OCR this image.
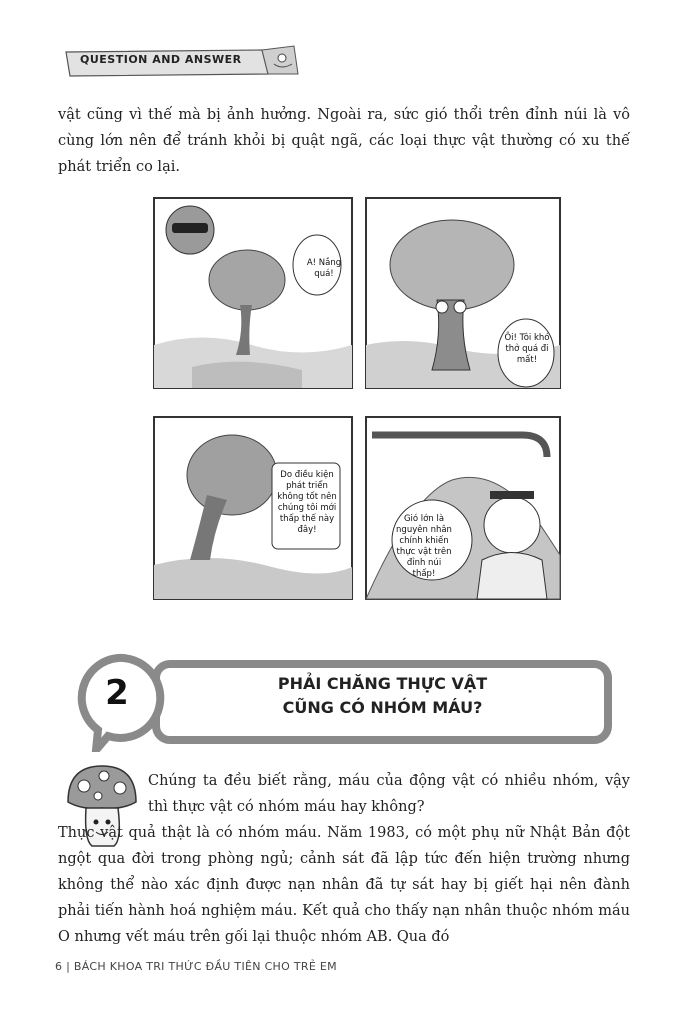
QUESTION AND ANSWER
vật cũng vì thế mà bị ảnh hưởng. Ngoài ra, sức gió thổi trên đỉnh núi là vô cùng lớn nên để tránh khỏi bị quật ngã, các loại thực vật thường có xu thế phát triển co lại.
A! Nắng quá!
Ôi! Tôi khó thở quá đi mất!
Do điều kiện phát triển không tốt nên chúng tôi mới thấp thế này đây!
Gió lớn là nguyên nhân chính khiến thực vật trên đỉnh núi thấp!
2	PHẢI CHĂNG THỰC VẬT
CŨNG CÓ NHÓM MÁU?
Chúng ta đều biết rằng, máu của động vật có nhiều nhóm, vậy thì thực vật có nhóm máu hay không?
Thực vật quả thật là có nhóm máu. Năm 1983, có một phụ nữ Nhật Bản đột ngột qua đời trong phòng ngủ; cảnh sát đã lập tức đến hiện trường nhưng không thể nào xác định được nạn nhân đã tự sát hay bị giết hại nên đành phải tiến hành hoá nghiệm máu. Kết quả cho thấy nạn nhân thuộc nhóm máu O nhưng vết máu trên gối lại thuộc nhóm AB. Qua đó
6 | BÁCH KHOA TRI THỨC ĐẦU TIÊN CHO TRẺ EM
